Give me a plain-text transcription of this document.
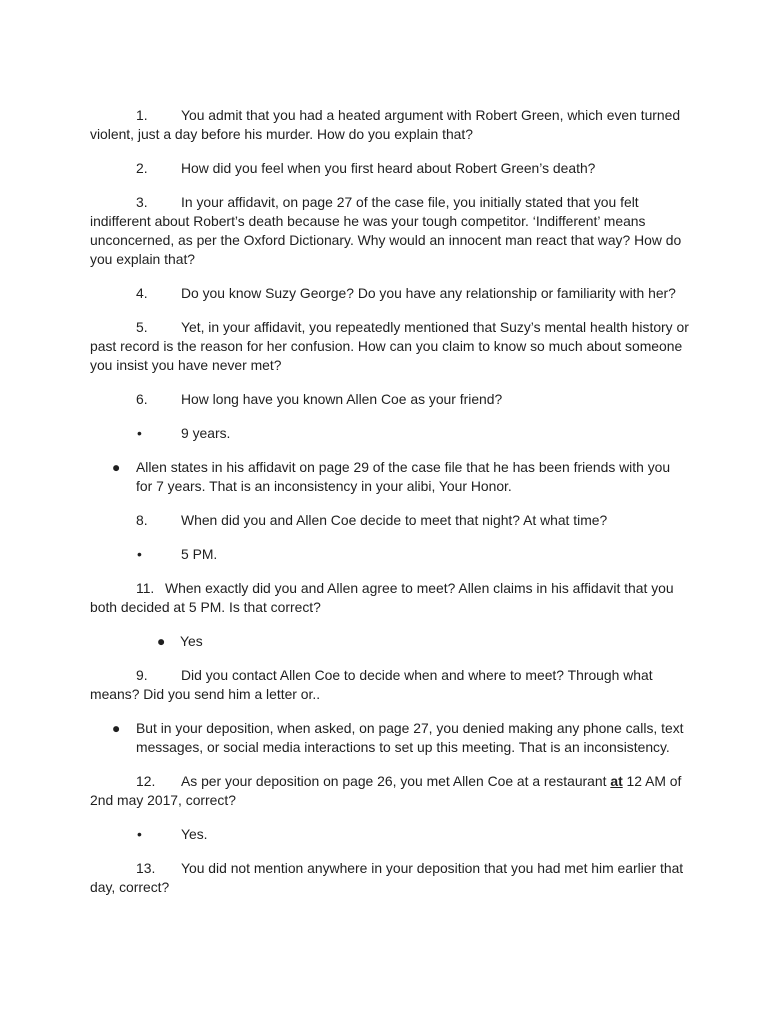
1. You admit that you had a heated argument with Robert Green, which even turned violent, just a day before his murder. How do you explain that?

2. How did you feel when you first heard about Robert Green’s death?

3. In your affidavit, on page 27 of the case file, you initially stated that you felt indifferent about Robert’s death because he was your tough competitor. ‘Indifferent’ means unconcerned, as per the Oxford Dictionary. Why would an innocent man react that way? How do you explain that?

4. Do you know Suzy George? Do you have any relationship or familiarity with her?

5. Yet, in your affidavit, you repeatedly mentioned that Suzy’s mental health history or past record is the reason for her confusion. How can you claim to know so much about someone you insist you have never met?

6. How long have you known Allen Coe as your friend?

•	9 years.

● Allen states in his affidavit on page 29 of the case file that he has been friends with you for 7 years. That is an inconsistency in your alibi, Your Honor.

8. When did you and Allen Coe decide to meet that night? At what time?

•	5 PM.

11. When exactly did you and Allen agree to meet? Allen claims in his affidavit that you both decided at 5 PM. Is that correct?

● Yes

9. Did you contact Allen Coe to decide when and where to meet? Through what means? Did you send him a letter or..

● But in your deposition, when asked, on page 27, you denied making any phone calls, text messages, or social media interactions to set up this meeting. That is an inconsistency.

12. As per your deposition on page 26, you met Allen Coe at a restaurant at 12 AM of 2nd may 2017, correct?

•	Yes.

13. You did not mention anywhere in your deposition that you had met him earlier that day, correct?
